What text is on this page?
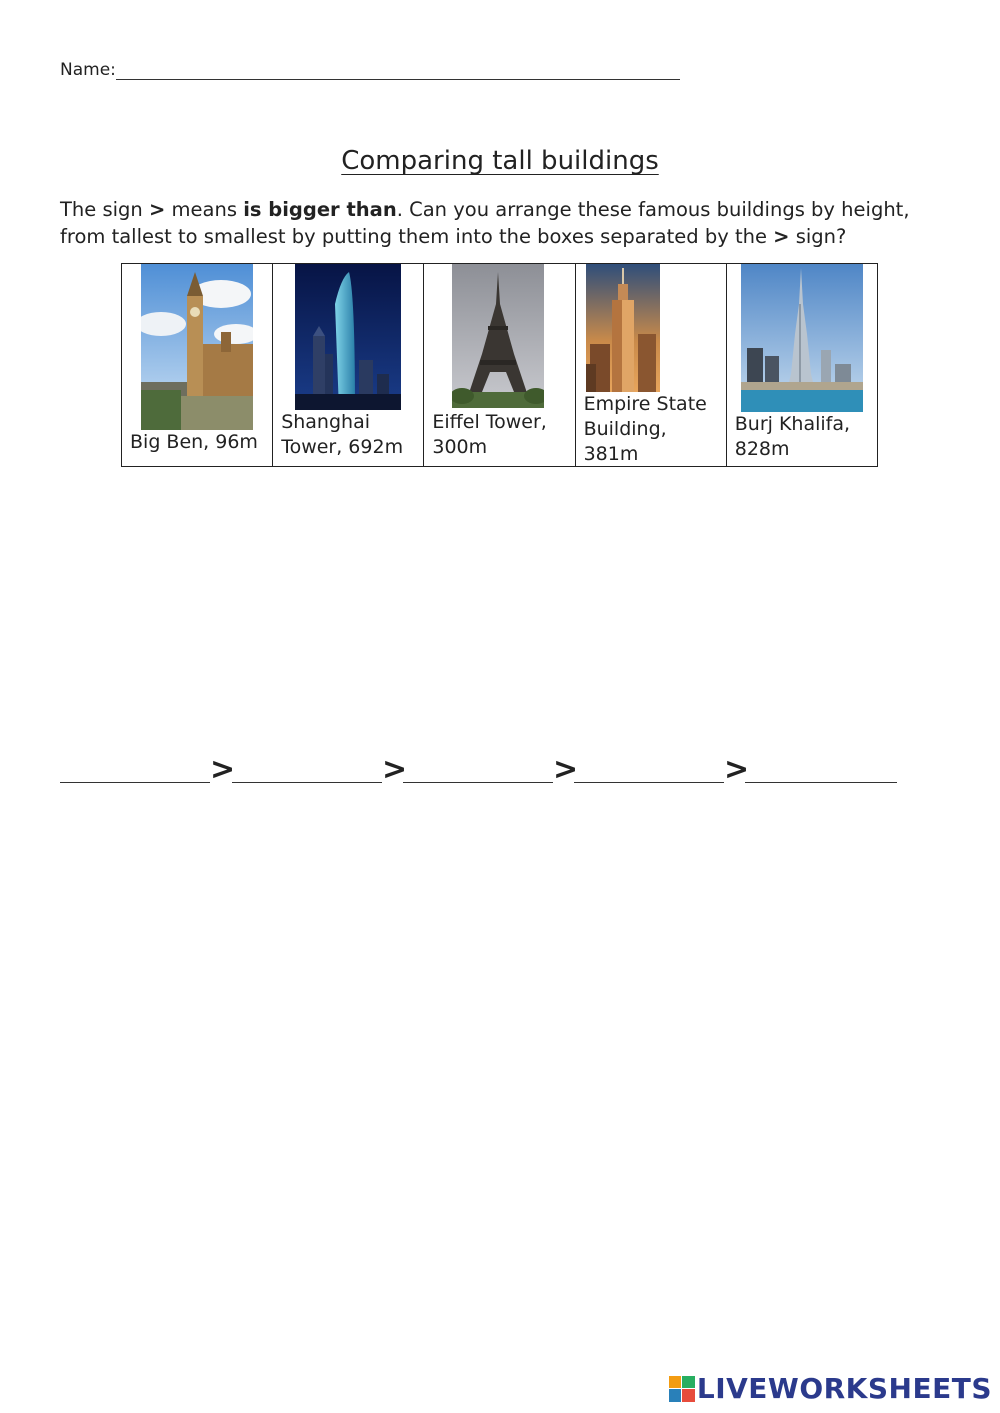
Name:
Comparing tall buildings
The sign > means is bigger than. Can you arrange these famous buildings by height, from tallest to smallest by putting them into the boxes separated by the > sign?
Big Ben, 96m

Shanghai
Tower, 692m

Eiffel Tower,
300m

Empire State
Building,
381m

Burj Khalifa,
828m
>	>	>	>
LIVEWORKSHEETS
